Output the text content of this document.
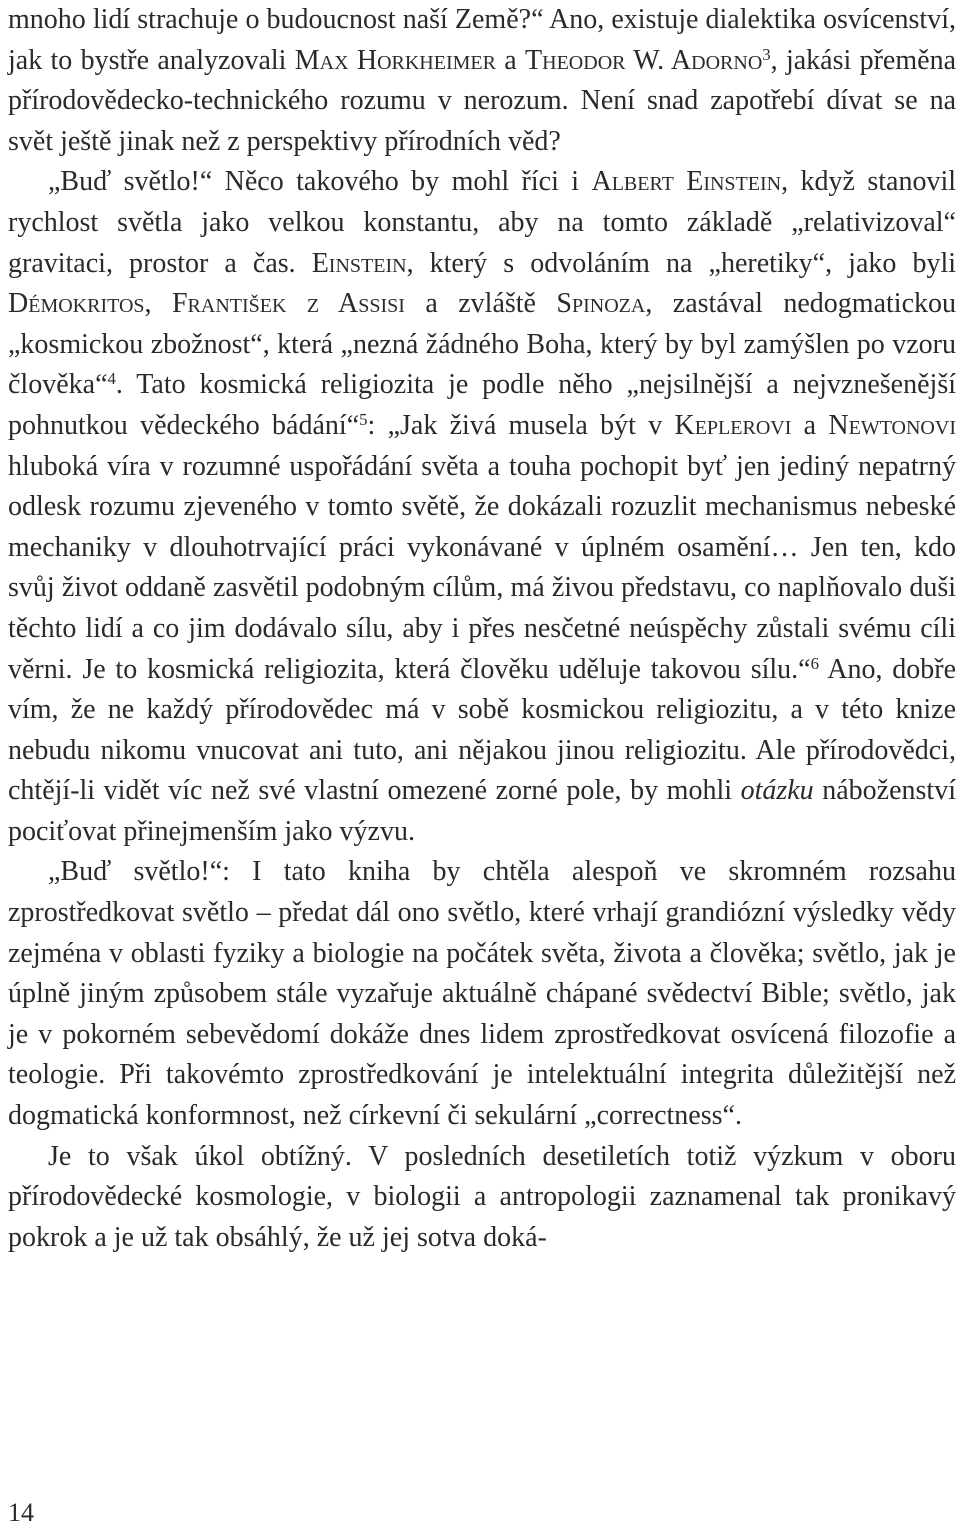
mnoho lidí strachuje o budoucnost naší Země?“ Ano, existuje dialektika osvícenství, jak to bystře analyzovali Max Horkheimer a Theodor W. Adorno$^3$, jakási přeměna přírodovědecko-technického rozumu v nerozum. Není snad zapotřebí dívat se na svět ještě jinak než z perspektivy přírodních věd?

„Buď světlo!“ Něco takového by mohl říci i Albert Einstein, když stanovil rychlost světla jako velkou konstantu, aby na tomto základě „relativizoval“ gravitaci, prostor a čas. Einstein, který s odvoláním na „heretiky“, jako byli Démokritos, František z Assisi a zvláště Spinoza, zastával nedogmatickou „kosmickou zbožnost“, která „nezná žádného Boha, který by byl zamýšlen po vzoru člověka“$^4$. Tato kosmická religiozita je podle něho „nejsilnější a nejvznešenější pohnutkou vědeckého bádání“$^5$: „Jak živá musela být v Keplerovi a Newtonovi hluboká víra v rozumné uspořádání světa a touha pochopit byť jen jediný nepatrný odlesk rozumu zjeveného v tomto světě, že dokázali rozuzlit mechanismus nebeské mechaniky v dlouhotrvající práci vykonávané v úplném osamění… Jen ten, kdo svůj život oddaně zasvětil podobným cílům, má živou představu, co naplňovalo duši těchto lidí a co jim dodávalo sílu, aby i přes nesčetné neúspěchy zůstali svému cíli věrni. Je to kosmická religiozita, která člověku uděluje takovou sílu.“$^6$ Ano, dobře vím, že ne každý přírodovědec má v sobě kosmickou religiozitu, a v této knize nebudu nikomu vnucovat ani tuto, ani nějakou jinou religiozitu. Ale přírodovědci, chtějí-li vidět víc než své vlastní omezené zorné pole, by mohli otázku náboženství pociťovat přinejmenším jako výzvu.

„Buď světlo!“: I tato kniha by chtěla alespoň ve skromném rozsahu zprostředkovat světlo – předat dál ono světlo, které vrhají grandiózní výsledky vědy zejména v oblasti fyziky a biologie na počátek světa, života a člověka; světlo, jak je úplně jiným způsobem stále vyzařuje aktuálně chápané svědectví Bible; světlo, jak je v pokorném sebevědomí dokáže dnes lidem zprostředkovat osvícená filozofie a teologie. Při takovémto zprostředkování je intelektuální integrita důležitější než dogmatická konformnost, než církevní či sekulární „correctness“.

Je to však úkol obtížný. V posledních desetiletích totiž výzkum v oboru přírodovědecké kosmologie, v biologii a antropologii zaznamenal tak pronikavý pokrok a je už tak obsáhlý, že už jej sotva doká-

14
